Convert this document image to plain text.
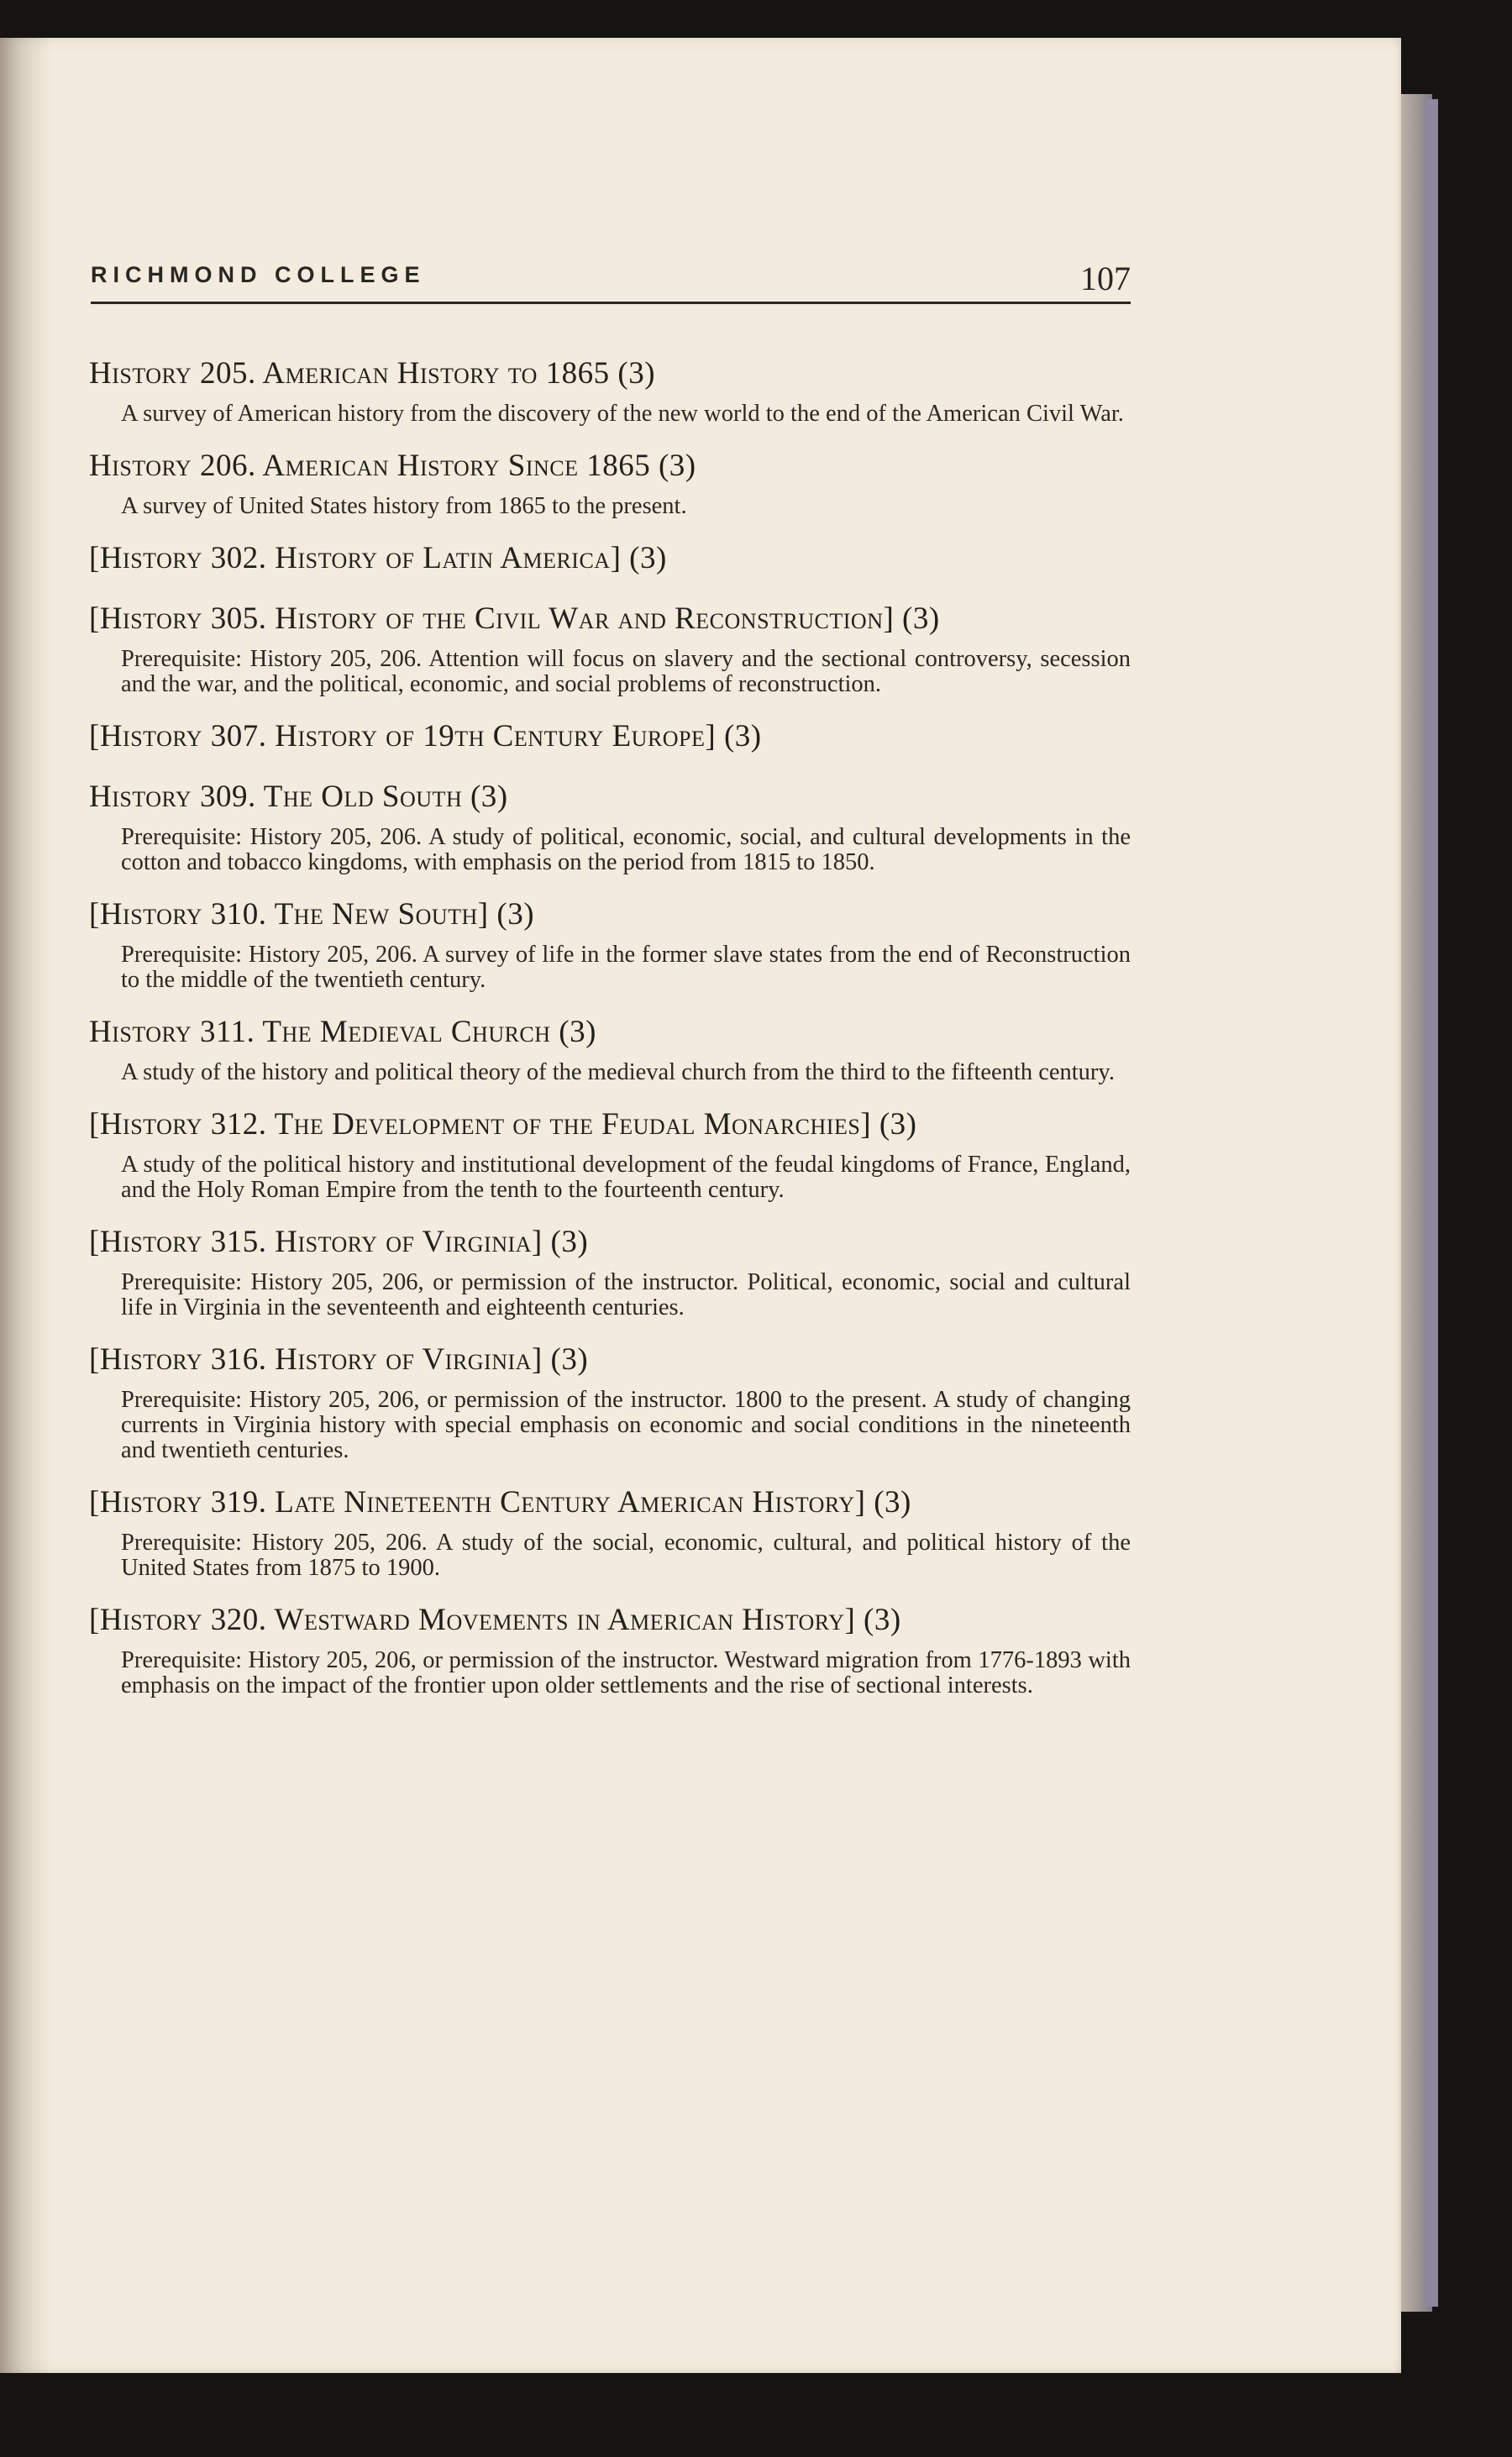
RICHMOND COLLEGE	107
History 205. American History to 1865 (3)
A survey of American history from the discovery of the new world to the end of the American Civil War.
History 206. American History Since 1865 (3)
A survey of United States history from 1865 to the present.
[History 302. History of Latin America] (3)
[History 305. History of the Civil War and Reconstruction] (3)
Prerequisite: History 205, 206. Attention will focus on slavery and the sectional controversy, secession and the war, and the political, economic, and social problems of reconstruction.
[History 307. History of 19th Century Europe] (3)
History 309. The Old South (3)
Prerequisite: History 205, 206. A study of political, economic, social, and cultural developments in the cotton and tobacco kingdoms, with emphasis on the period from 1815 to 1850.
[History 310. The New South] (3)
Prerequisite: History 205, 206. A survey of life in the former slave states from the end of Reconstruction to the middle of the twentieth century.
History 311. The Medieval Church (3)
A study of the history and political theory of the medieval church from the third to the fifteenth century.
[History 312. The Development of the Feudal Monarchies] (3)
A study of the political history and institutional development of the feudal kingdoms of France, England, and the Holy Roman Empire from the tenth to the fourteenth century.
[History 315. History of Virginia] (3)
Prerequisite: History 205, 206, or permission of the instructor. Political, economic, social and cultural life in Virginia in the seventeenth and eighteenth centuries.
[History 316. History of Virginia] (3)
Prerequisite: History 205, 206, or permission of the instructor. 1800 to the present. A study of changing currents in Virginia history with special emphasis on economic and social conditions in the nineteenth and twentieth centuries.
[History 319. Late Nineteenth Century American History] (3)
Prerequisite: History 205, 206. A study of the social, economic, cultural, and political history of the United States from 1875 to 1900.
[History 320. Westward Movements in American History] (3)
Prerequisite: History 205, 206, or permission of the instructor. Westward migration from 1776-1893 with emphasis on the impact of the frontier upon older settlements and the rise of sectional interests.
